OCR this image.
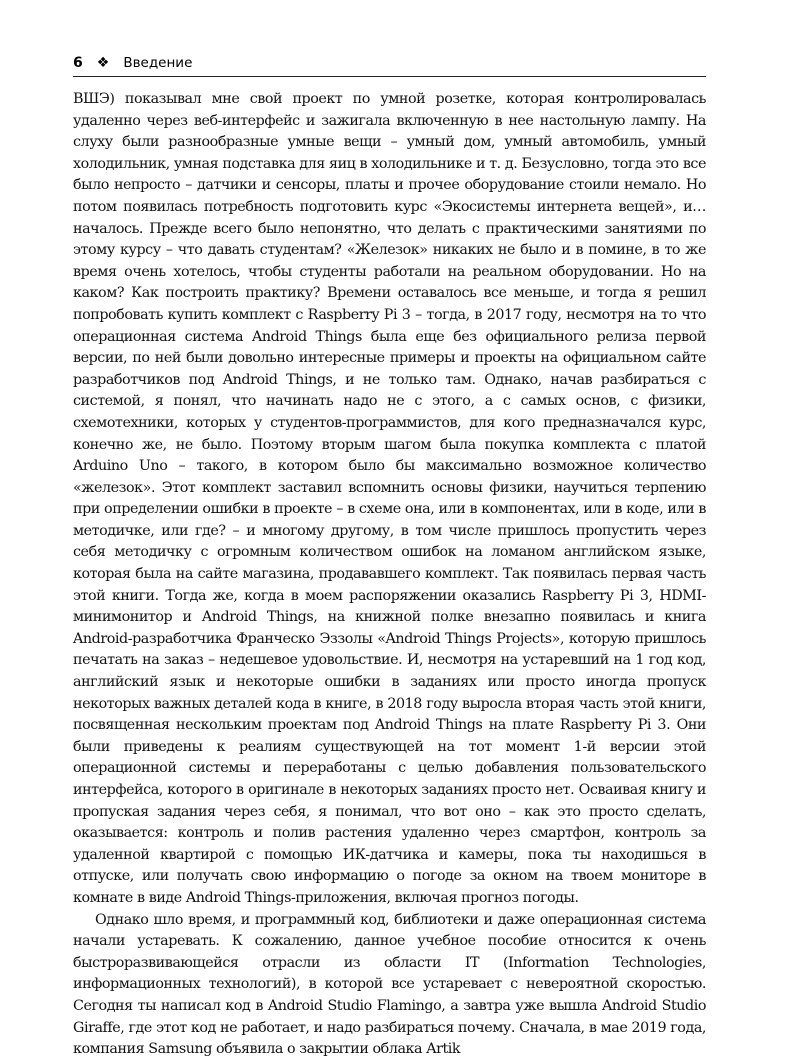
6 ❖ Введение

ВШЭ) показывал мне свой проект по умной розетке, которая контролировалась удаленно через веб-интерфейс и зажигала включенную в нее настольную лампу. На слуху были разнообразные умные вещи – умный дом, умный автомобиль, умный холодильник, умная подставка для яиц в холодильнике и т. д. Безусловно, тогда это все было непросто – датчики и сенсоры, платы и прочее оборудование стоили немало. Но потом появилась потребность подготовить курс «Экосистемы интернета вещей», и… началось. Прежде всего было непонятно, что делать с практическими занятиями по этому курсу – что давать студентам? «Железок» никаких не было и в помине, в то же время очень хотелось, чтобы студенты работали на реальном оборудовании. Но на каком? Как построить практику? Времени оставалось все меньше, и тогда я решил попробовать купить комплект с Raspberry Pi 3 – тогда, в 2017 году, несмотря на то что операционная система Android Things была еще без официального релиза первой версии, по ней были довольно интересные примеры и проекты на официальном сайте разработчиков под Android Things, и не только там. Однако, начав разбираться с системой, я понял, что начинать надо не с этого, а с самых основ, с физики, схемотехники, которых у студентов-программистов, для кого предназначался курс, конечно же, не было. Поэтому вторым шагом была покупка комплекта с платой Arduino Uno – такого, в котором было бы максимально возможное количество «железок». Этот комплект заставил вспомнить основы физики, научиться терпению при определении ошибки в проекте – в схеме она, или в компонентах, или в коде, или в методичке, или где? – и многому другому, в том числе пришлось пропустить через себя методичку с огромным количеством ошибок на ломаном английском языке, которая была на сайте магазина, продававшего комплект. Так появилась первая часть этой книги. Тогда же, когда в моем распоряжении оказались Raspberry Pi 3, HDMI-минимонитор и Android Things, на книжной полке внезапно появилась и книга Android-разработчика Франческо Эззолы «Android Things Projects», которую пришлось печатать на заказ – недешевое удовольствие. И, несмотря на устаревший на 1 год код, английский язык и некоторые ошибки в заданиях или просто иногда пропуск некоторых важных деталей кода в книге, в 2018 году выросла вторая часть этой книги, посвященная нескольким проектам под Android Things на плате Raspberry Pi 3. Они были приведены к реалиям существующей на тот момент 1-й версии этой операционной системы и переработаны с целью добавления пользовательского интерфейса, которого в оригинале в некоторых заданиях просто нет. Осваивая книгу и пропуская задания через себя, я понимал, что вот оно – как это просто сделать, оказывается: контроль и полив растения удаленно через смартфон, контроль за удаленной квартирой с помощью ИК-датчика и камеры, пока ты находишься в отпуске, или получать свою информацию о погоде за окном на твоем мониторе в комнате в виде Android Things-приложения, включая прогноз погоды.

Однако шло время, и программный код, библиотеки и даже операционная система начали устаревать. К сожалению, данное учебное пособие относится к очень быстроразвивающейся отрасли из области IT (Information Technologies, информационных технологий), в которой все устаревает с невероятной скоростью. Сегодня ты написал код в Android Studio Flamingo, а завтра уже вышла Android Studio Giraffe, где этот код не работает, и надо разбираться почему. Сначала, в мае 2019 года, компания Samsung объявила о закрытии облака Artik
